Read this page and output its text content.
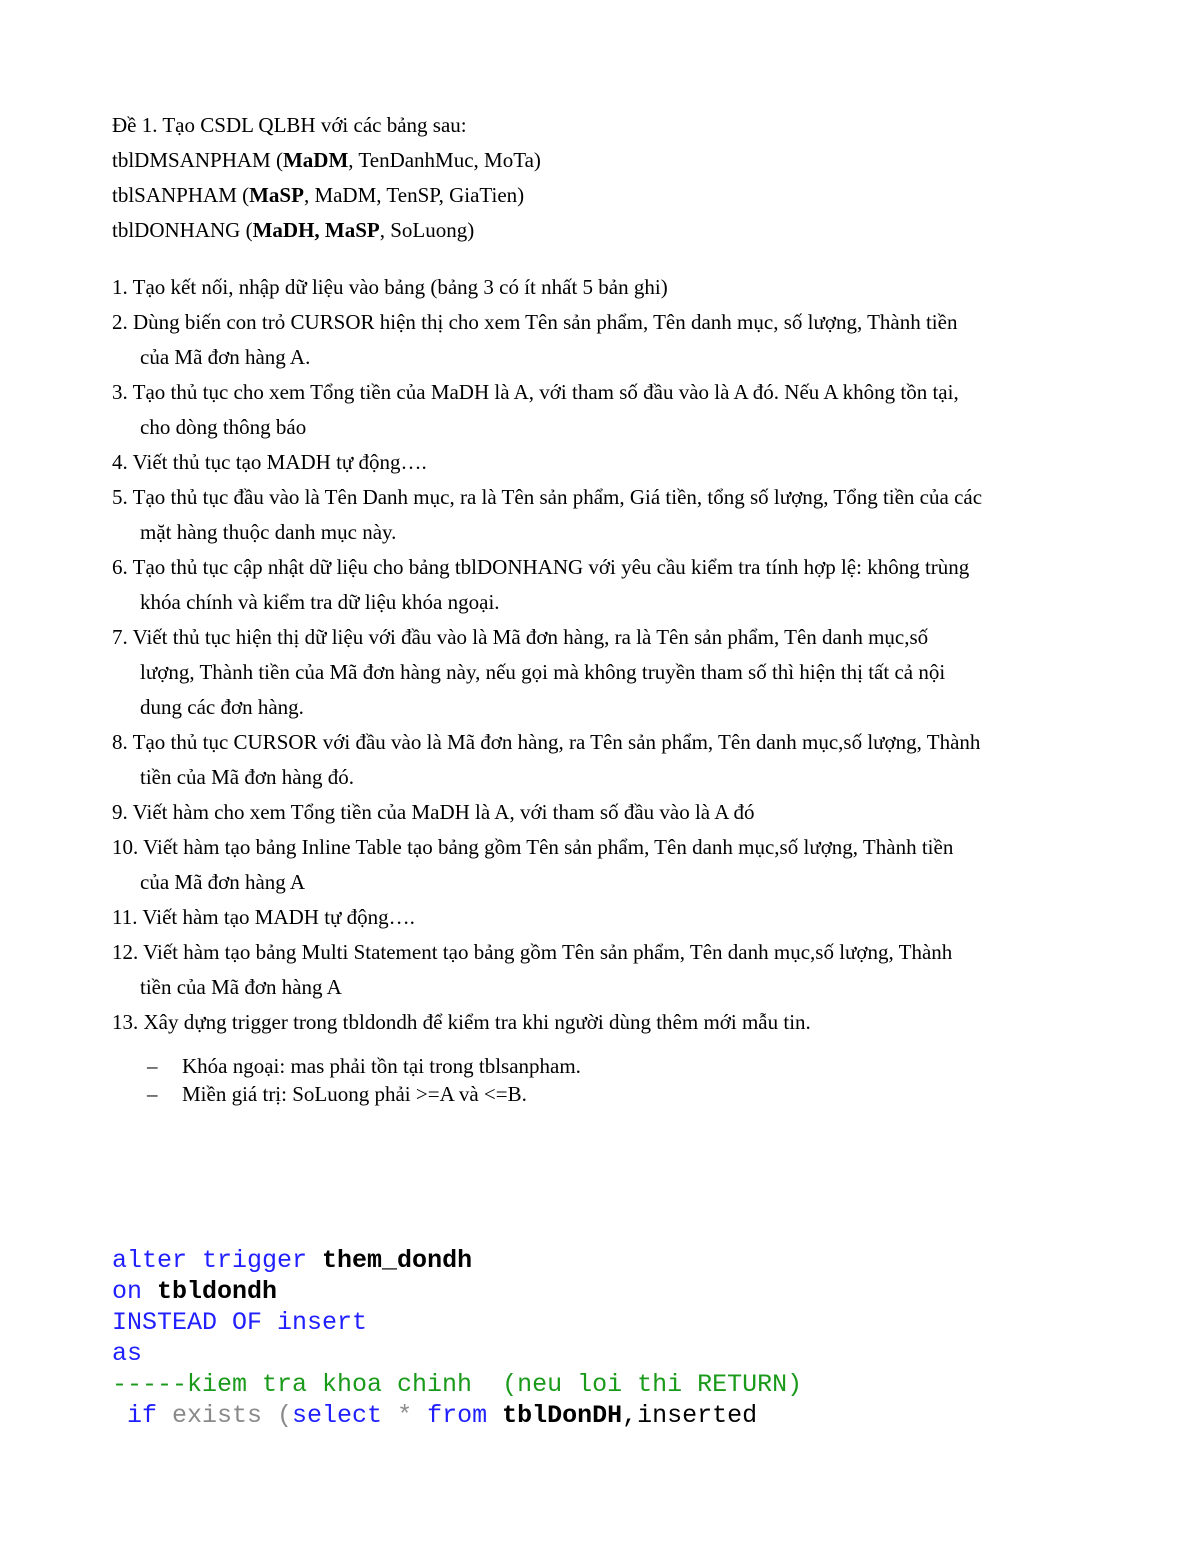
Đề 1. Tạo CSDL QLBH với các bảng sau:
tblDMSANPHAM (MaDM, TenDanhMuc, MoTa)
tblSANPHAM (MaSP, MaDM, TenSP, GiaTien)
tblDONHANG (MaDH, MaSP, SoLuong)
1. Tạo kết nối, nhập dữ liệu vào bảng (bảng 3 có ít nhất 5 bản ghi)
2. Dùng biến con trỏ CURSOR hiện thị cho xem Tên sản phẩm, Tên danh mục, số lượng, Thành tiền
của Mã đơn hàng A.
3. Tạo thủ tục cho xem Tổng tiền của MaDH là A, với tham số đầu vào là A đó. Nếu A không tồn tại,
cho dòng thông báo
4. Viết thủ tục tạo MADH tự động….
5. Tạo thủ tục đầu vào là Tên Danh mục, ra là Tên sản phẩm, Giá tiền, tổng số lượng, Tổng tiền của các
mặt hàng thuộc danh mục này.
6. Tạo thủ tục cập nhật dữ liệu cho bảng tblDONHANG với yêu cầu kiểm tra tính hợp lệ: không trùng
khóa chính và kiểm tra dữ liệu khóa ngoại.
7. Viết thủ tục hiện thị dữ liệu với đầu vào là Mã đơn hàng, ra là Tên sản phẩm, Tên danh mục,số
lượng, Thành tiền của Mã đơn hàng này, nếu gọi mà không truyền tham số thì hiện thị tất cả nội
dung các đơn hàng.
8. Tạo thủ tục CURSOR với đầu vào là Mã đơn hàng, ra Tên sản phẩm, Tên danh mục,số lượng, Thành
tiền của Mã đơn hàng đó.
9. Viết hàm cho xem Tổng tiền của MaDH là A, với tham số đầu vào là A đó
10. Viết hàm tạo bảng Inline Table tạo bảng gồm Tên sản phẩm, Tên danh mục,số lượng, Thành tiền
của Mã đơn hàng A
11. Viết hàm tạo MADH tự động….
12. Viết hàm tạo bảng Multi Statement tạo bảng gồm Tên sản phẩm, Tên danh mục,số lượng, Thành
tiền của Mã đơn hàng A
13. Xây dựng trigger trong tbldondh để kiểm tra khi người dùng thêm mới mẫu tin.
– Khóa ngoại: mas phải tồn tại trong tblsanpham.
– Miền giá trị: SoLuong phải >=A và <=B.
alter trigger them_dondh
on tbldondh
INSTEAD OF insert
as
-----kiem tra khoa chinh  (neu loi thi RETURN)
if exists (select * from tblDonDH,inserted
